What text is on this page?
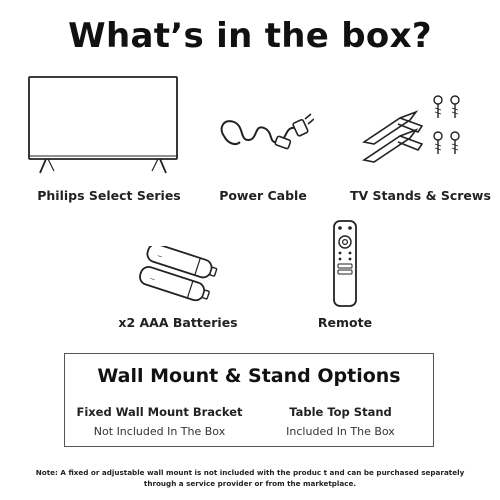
What’s in the box?
Philips Select Series	Power Cable	TV Stands & Screws
−
−
x2 AAA Batteries	Remote
Wall Mount & Stand Options
Fixed Wall Mount Bracket
Not Included In The Box
Table Top Stand
Included In The Box
Note: A fixed or adjustable wall mount is not included with the produc t and can be purchased separately through a service provider or from the marketplace.
